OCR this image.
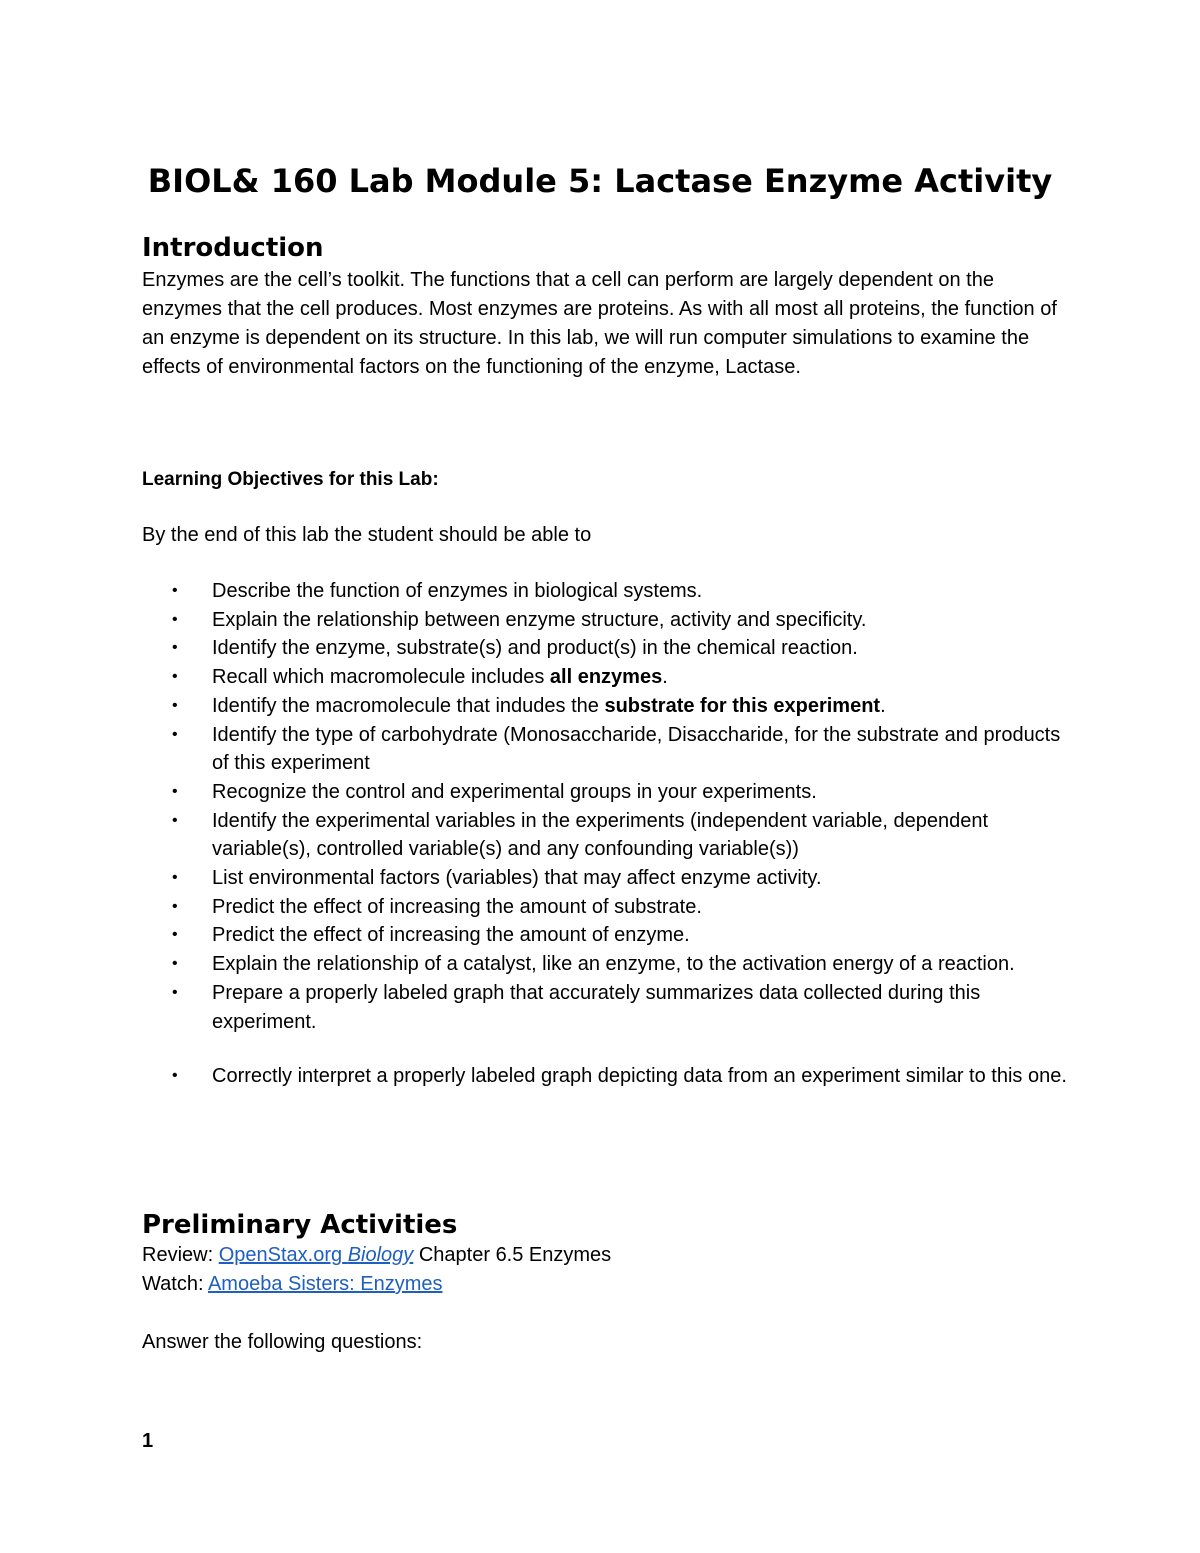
BIOL& 160 Lab Module 5: Lactase Enzyme Activity
Introduction

Enzymes are the cell’s toolkit. The functions that a cell can perform are largely dependent on the enzymes that the cell produces. Most enzymes are proteins. As with all most all proteins, the function of an enzyme is dependent on its structure. In this lab, we will run computer simulations to examine the effects of environmental factors on the functioning of the enzyme, Lactase.

Learning Objectives for this Lab:

By the end of this lab the student should be able to

• Describe the function of enzymes in biological systems.
• Explain the relationship between enzyme structure, activity and specificity.
• Identify the enzyme, substrate(s) and product(s) in the chemical reaction.
• Recall which macromolecule includes all enzymes.
• Identify the macromolecule that indudes the substrate for this experiment.
• Identify the type of carbohydrate (Monosaccharide, Disaccharide, for the substrate and products of this experiment
• Recognize the control and experimental groups in your experiments.
• Identify the experimental variables in the experiments (independent variable, dependent variable(s), controlled variable(s) and any confounding variable(s))
• List environmental factors (variables) that may affect enzyme activity.
• Predict the effect of increasing the amount of substrate.
• Predict the effect of increasing the amount of enzyme.
• Explain the relationship of a catalyst, like an enzyme, to the activation energy of a reaction.
• Prepare a properly labeled graph that accurately summarizes data collected during this experiment.
• Correctly interpret a properly labeled graph depicting data from an experiment similar to this one.
Preliminary Activities

Review: OpenStax.org Biology Chapter 6.5 Enzymes

Watch: Amoeba Sisters: Enzymes

Answer the following questions:

1
